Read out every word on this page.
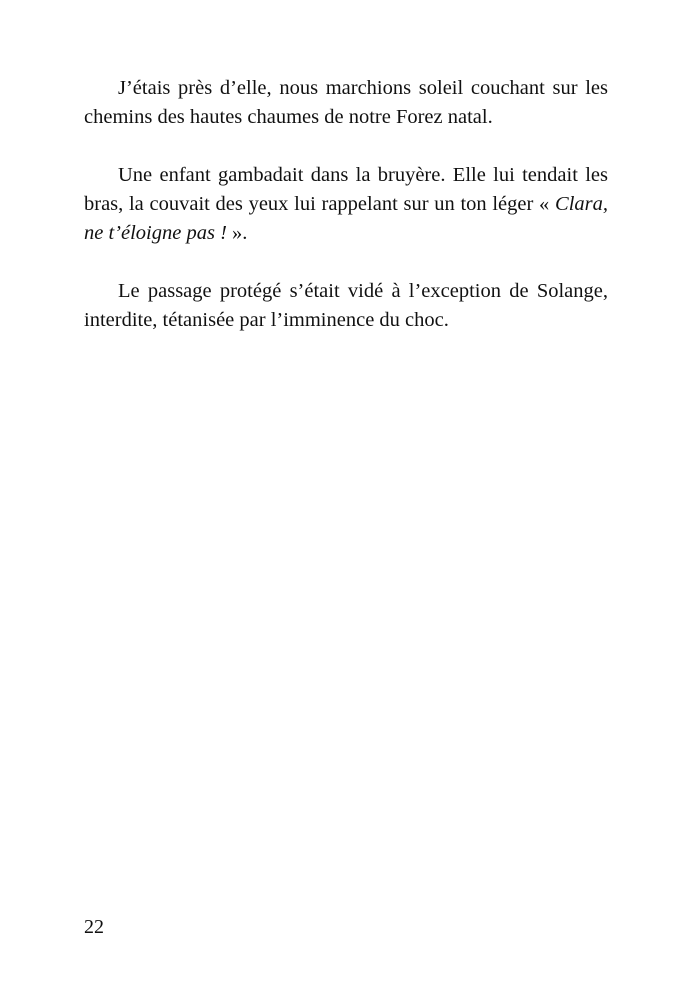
J’étais près d’elle, nous marchions soleil couchant sur les chemins des hautes chaumes de notre Forez natal.

Une enfant gambadait dans la bruyère. Elle lui tendait les bras, la couvait des yeux lui rappelant sur un ton léger « Clara, ne t’éloigne pas ! ».

Le passage protégé s’était vidé à l’exception de Solange, interdite, tétanisée par l’imminence du choc.

22
